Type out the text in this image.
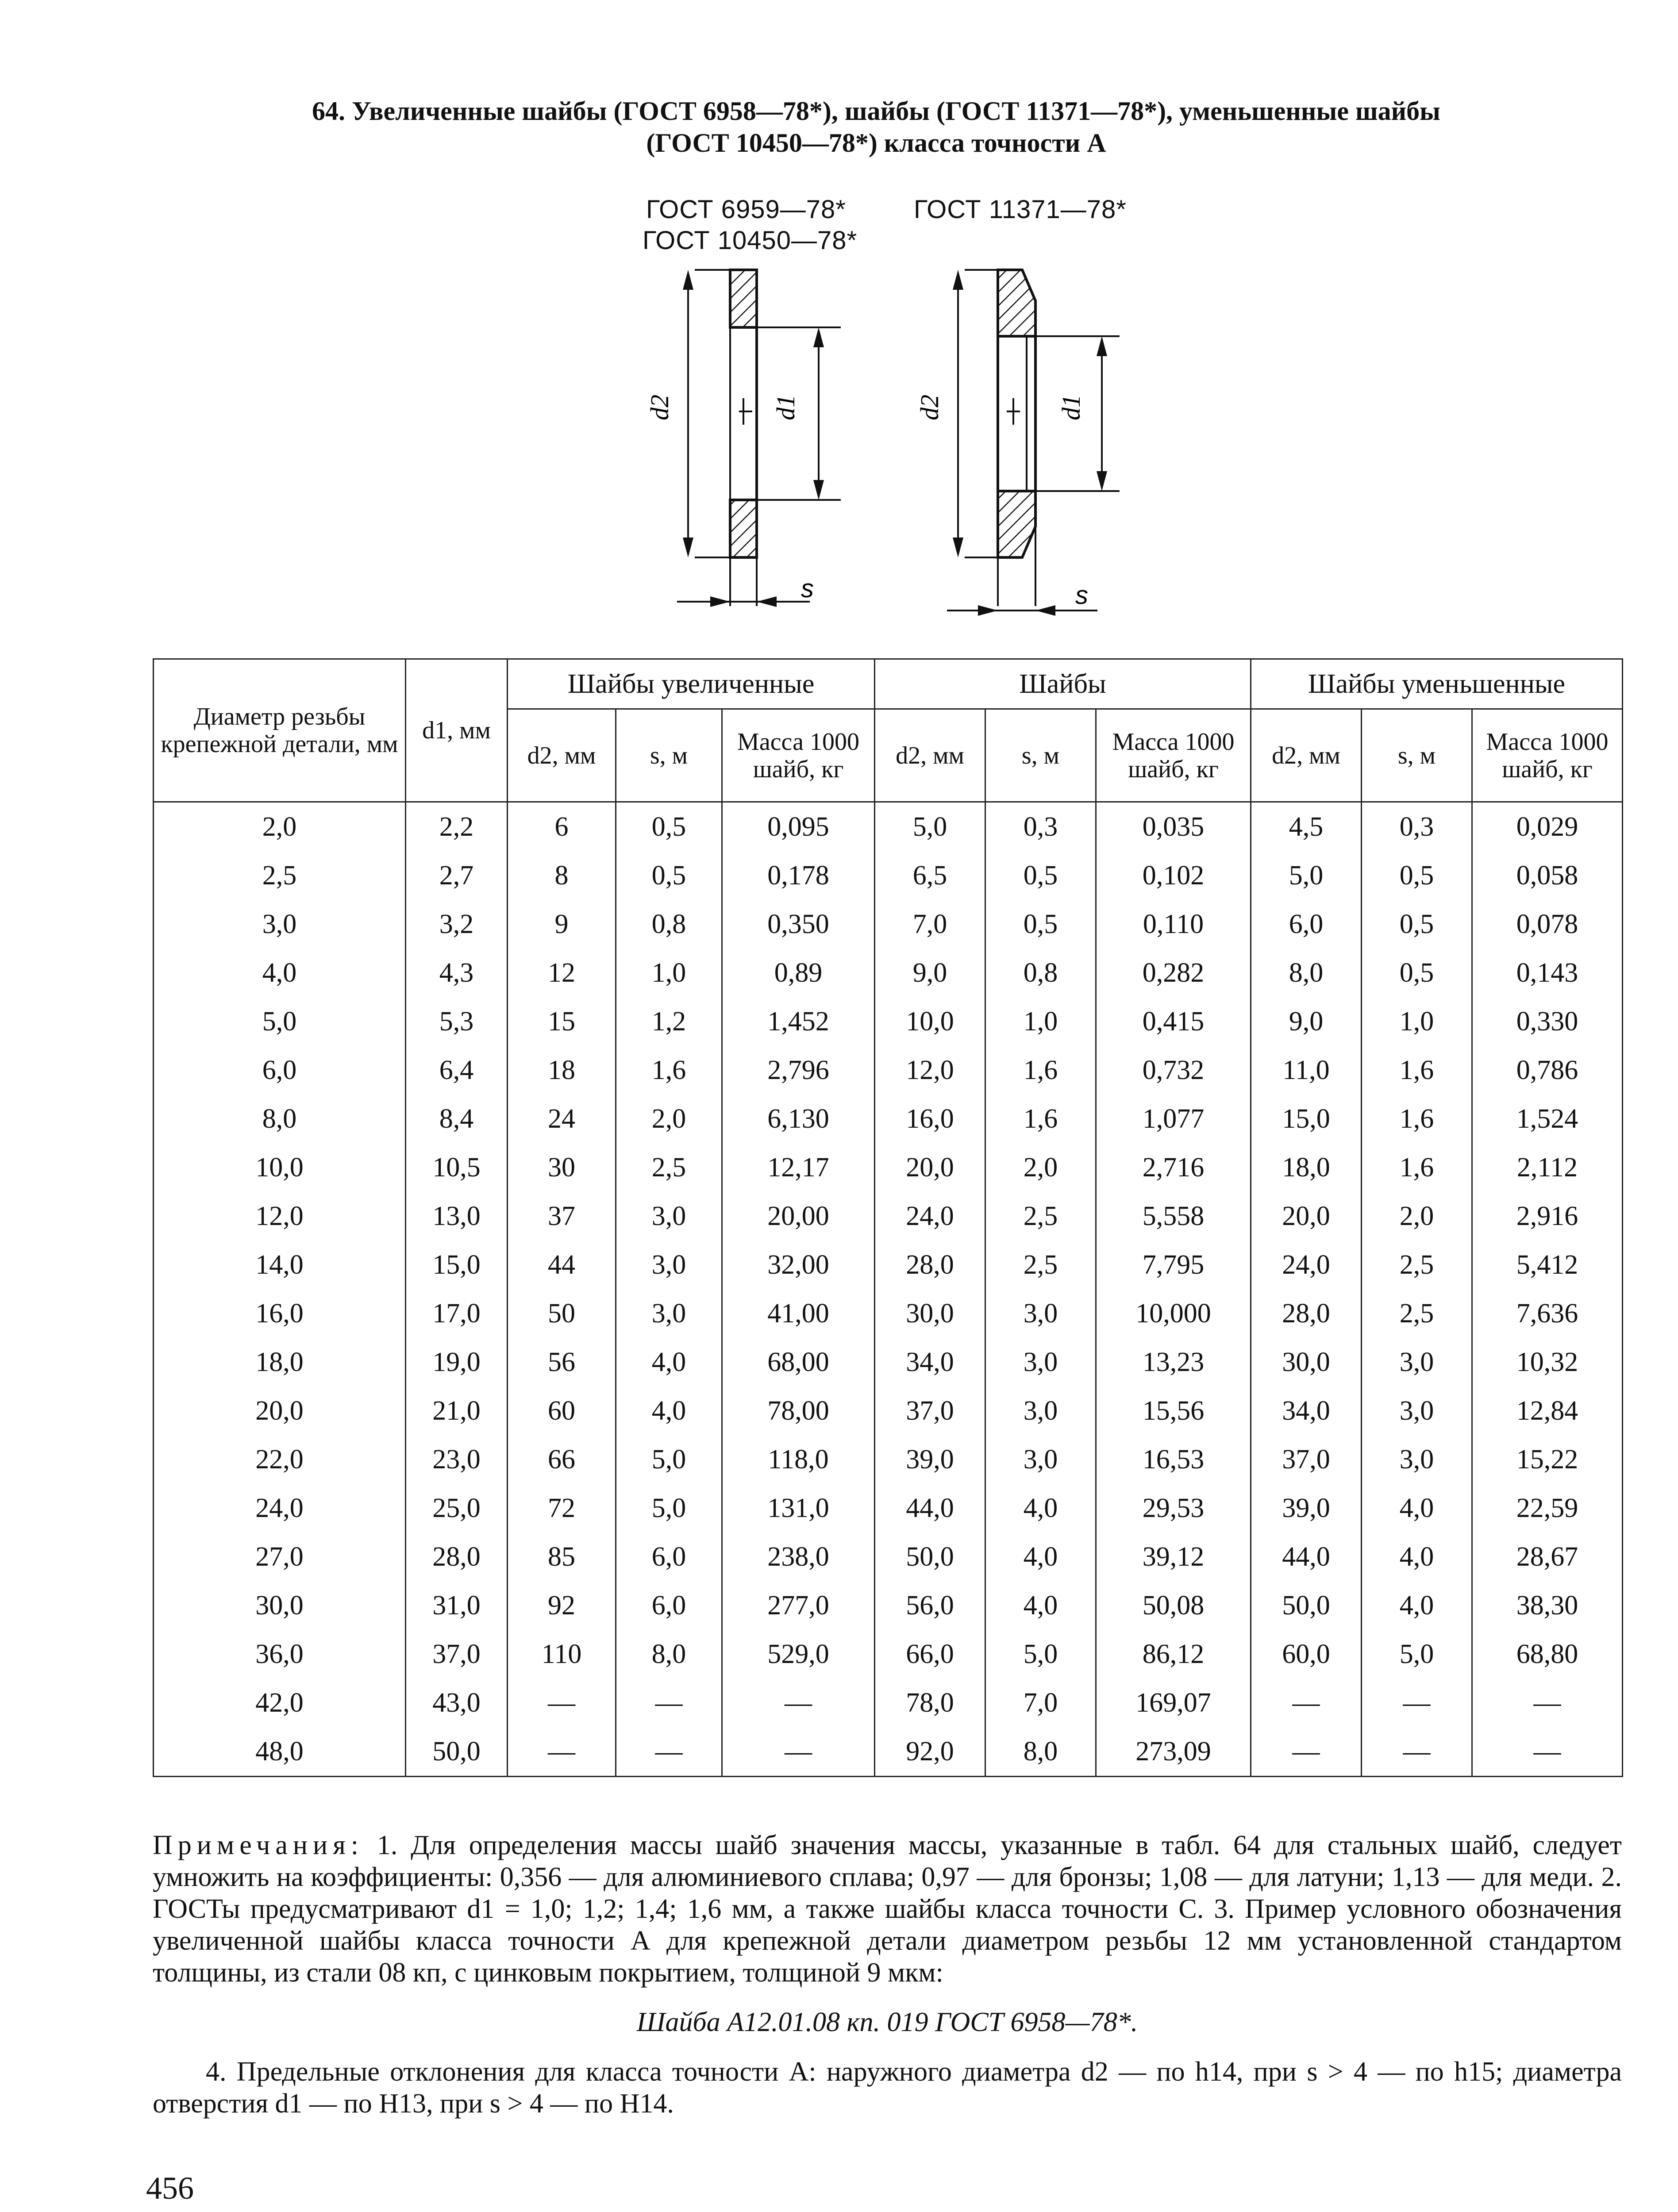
64. Увеличенные шайбы (ГОСТ 6958—78*), шайбы (ГОСТ 11371—78*), уменьшенные шайбы
(ГОСТ 10450—78*) класса точности А
ГОСТ 6959—78*
ГОСТ 10450—78*
ГОСТ 11371—78*
d2	d1
s
d2	d1
s
Диаметр резьбы крепежной детали, мм	d1, мм	Шайбы увеличенные			Шайбы			Шайбы уменьшенные		
		d2, мм	s, м	Масса 1000 шайб, кг	d2, мм	s, м	Масса 1000 шайб, кг	d2, мм	s, м	Масса 1000 шайб, кг
2,0	2,2	6	0,5	0,095	5,0	0,3	0,035	4,5	0,3	0,029
2,5	2,7	8	0,5	0,178	6,5	0,5	0,102	5,0	0,5	0,058
3,0	3,2	9	0,8	0,350	7,0	0,5	0,110	6,0	0,5	0,078
4,0	4,3	12	1,0	0,89	9,0	0,8	0,282	8,0	0,5	0,143
5,0	5,3	15	1,2	1,452	10,0	1,0	0,415	9,0	1,0	0,330
6,0	6,4	18	1,6	2,796	12,0	1,6	0,732	11,0	1,6	0,786
8,0	8,4	24	2,0	6,130	16,0	1,6	1,077	15,0	1,6	1,524
10,0	10,5	30	2,5	12,17	20,0	2,0	2,716	18,0	1,6	2,112
12,0	13,0	37	3,0	20,00	24,0	2,5	5,558	20,0	2,0	2,916
14,0	15,0	44	3,0	32,00	28,0	2,5	7,795	24,0	2,5	5,412
16,0	17,0	50	3,0	41,00	30,0	3,0	10,000	28,0	2,5	7,636
18,0	19,0	56	4,0	68,00	34,0	3,0	13,23	30,0	3,0	10,32
20,0	21,0	60	4,0	78,00	37,0	3,0	15,56	34,0	3,0	12,84
22,0	23,0	66	5,0	118,0	39,0	3,0	16,53	37,0	3,0	15,22
24,0	25,0	72	5,0	131,0	44,0	4,0	29,53	39,0	4,0	22,59
27,0	28,0	85	6,0	238,0	50,0	4,0	39,12	44,0	4,0	28,67
30,0	31,0	92	6,0	277,0	56,0	4,0	50,08	50,0	4,0	38,30
36,0	37,0	110	8,0	529,0	66,0	5,0	86,12	60,0	5,0	68,80
42,0	43,0	—	—	—	78,0	7,0	169,07	—	—	—
48,0	50,0	—	—	—	92,0	8,0	273,09	—	—	—

Примечания: 1. Для определения массы шайб значения массы, указанные в табл. 64 для стальных шайб, следует умножить на коэффициенты: 0,356 — для алюминиевого сплава; 0,97 — для бронзы; 1,08 — для латуни; 1,13 — для меди. 2. ГОСТы предусматривают d1 = 1,0; 1,2; 1,4; 1,6 мм, а также шайбы класса точности С. 3. Пример условного обозначения увеличенной шайбы класса точности А для крепежной детали диаметром резьбы 12 мм установленной стандартом толщины, из стали 08 кп, с цинковым покрытием, толщиной 9 мкм:

Шайба А12.01.08 кп. 019 ГОСТ 6958—78*.

4. Предельные отклонения для класса точности А: наружного диаметра d2 — по h14, при s > 4 — по h15; диаметра отверстия d1 — по H13, при s > 4 — по H14.

456
